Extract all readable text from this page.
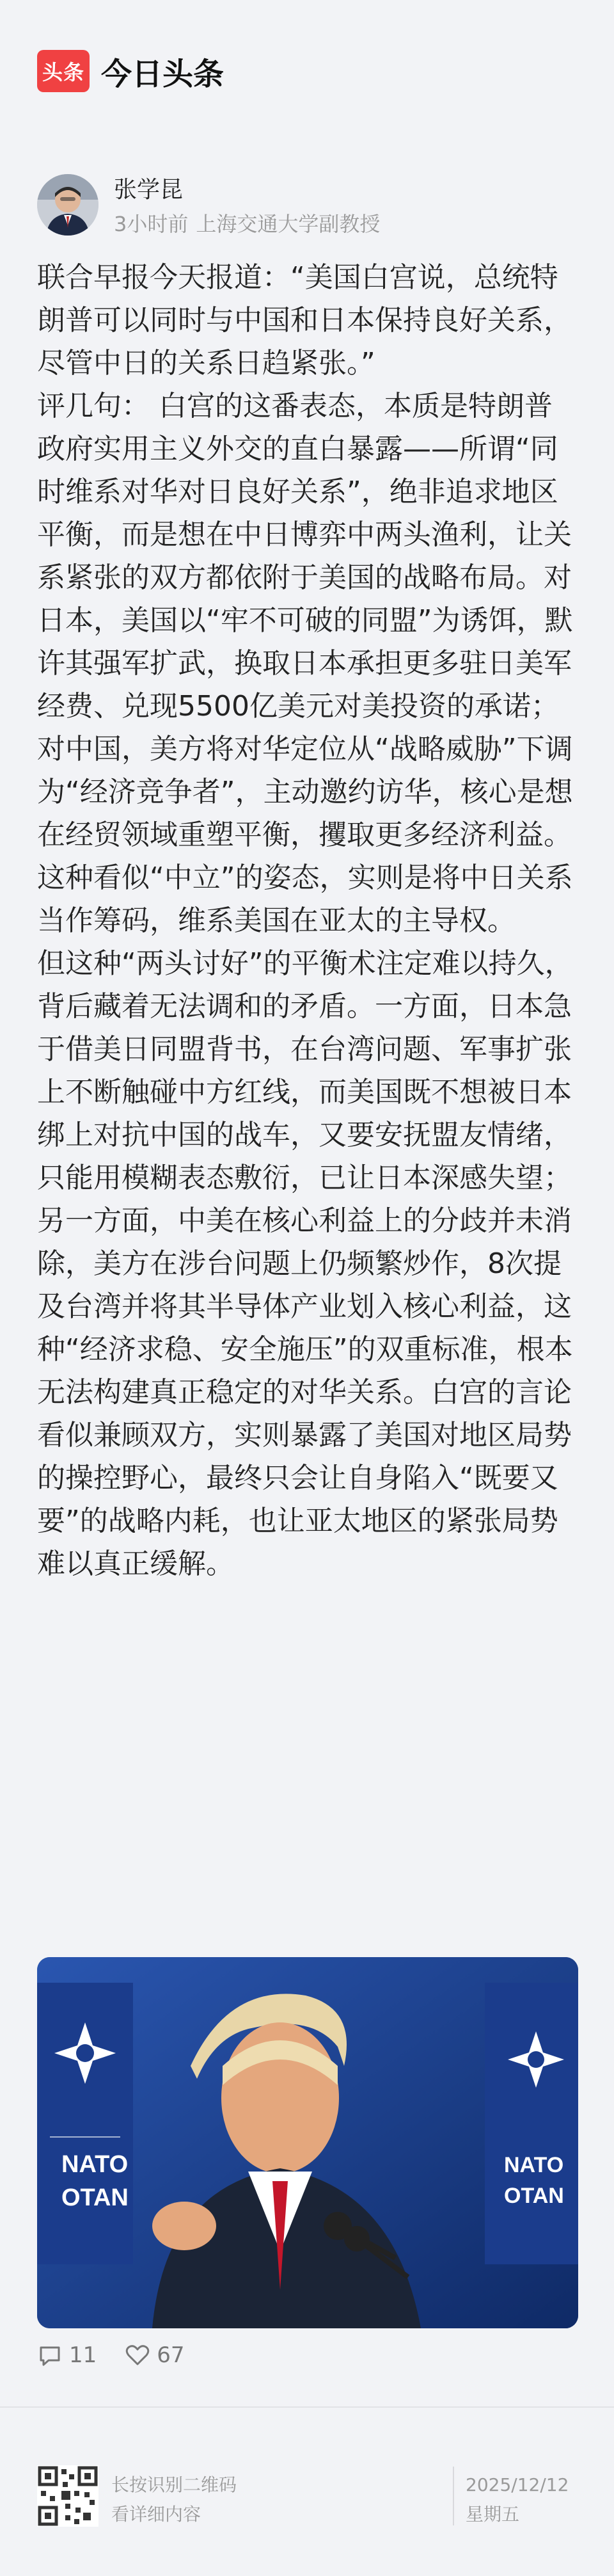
头条 今日头条
张学昆
3小时前 上海交通大学副教授

联合早报今天报道：“美国白宫说，总统特朗普可以同时与中国和日本保持良好关系，尽管中日的关系日趋紧张。”

评几句： 白宫的这番表态，本质是特朗普政府实用主义外交的直白暴露——所谓“同时维系对华对日良好关系”，绝非追求地区平衡，而是想在中日博弈中两头渔利，让关系紧张的双方都依附于美国的战略布局。对日本，美国以“牢不可破的同盟”为诱饵，默许其强军扩武，换取日本承担更多驻日美军经费、兑现5500亿美元对美投资的承诺；对中国，美方将对华定位从“战略威胁”下调为“经济竞争者”，主动邀约访华，核心是想在经贸领域重塑平衡，攫取更多经济利益。这种看似“中立”的姿态，实则是将中日关系当作筹码，维系美国在亚太的主导权。

但这种“两头讨好”的平衡术注定难以持久，背后藏着无法调和的矛盾。一方面，日本急于借美日同盟背书，在台湾问题、军事扩张上不断触碰中方红线，而美国既不想被日本绑上对抗中国的战车，又要安抚盟友情绪，只能用模糊表态敷衍，已让日本深感失望；另一方面，中美在核心利益上的分歧并未消除，美方在涉台问题上仍频繁炒作，8次提及台湾并将其半导体产业划入核心利益，这种“经济求稳、安全施压”的双重标准，根本无法构建真正稳定的对华关系。白宫的言论看似兼顾双方，实则暴露了美国对地区局势的操控野心，最终只会让自身陷入“既要又要”的战略内耗，也让亚太地区的紧张局势难以真正缓解。

NATO
OTAN
NATO
OTAN
11	67
长按识别二维码
看详细内容
2025/12/12
星期五
